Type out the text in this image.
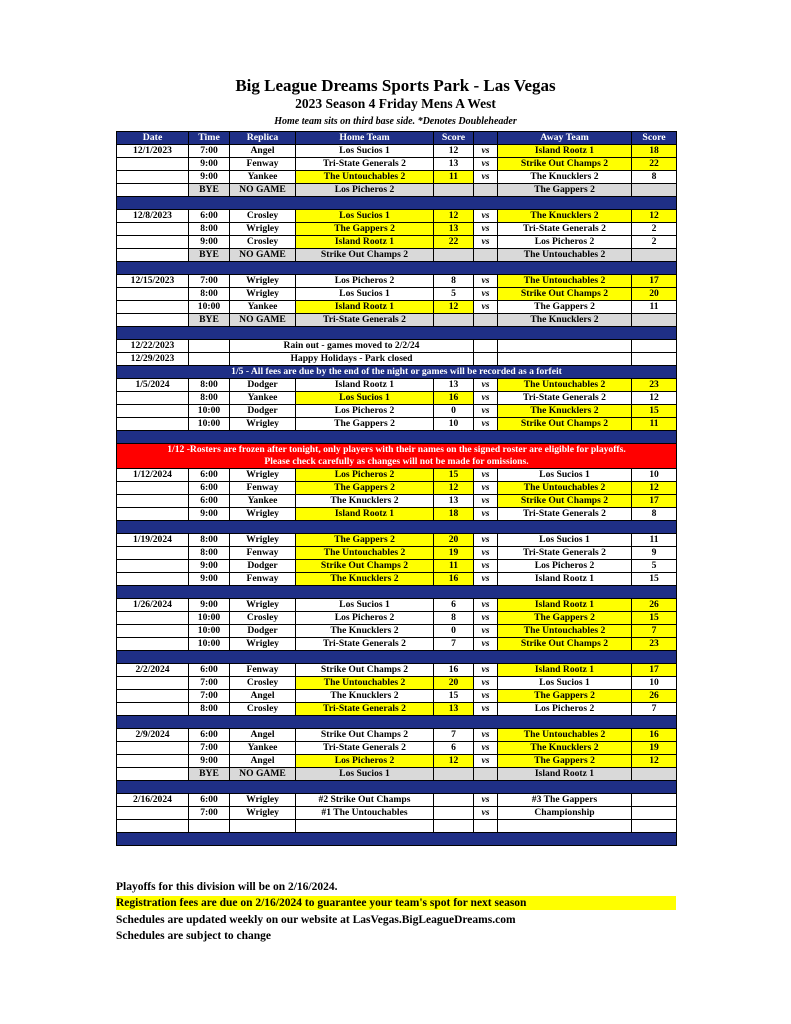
Big League Dreams Sports Park - Las Vegas
2023 Season 4 Friday Mens A West
Home team sits on third base side. *Denotes Doubleheader
Date	Time	Replica	Home Team	Score		Away Team	Score
12/1/2023	7:00	Angel	Los Sucios 1	12	vs	Island Rootz 1	18
	9:00	Fenway	Tri-State Generals 2	13	vs	Strike Out Champs 2	22
	9:00	Yankee	The Untouchables 2	11	vs	The Knucklers 2	8
	BYE	NO GAME	Los Picheros 2			The Gappers 2	

12/8/2023	6:00	Crosley	Los Sucios 1	12	vs	The Knucklers 2	12
	8:00	Wrigley	The Gappers 2	13	vs	Tri-State Generals 2	2
	9:00	Crosley	Island Rootz 1	22	vs	Los Picheros 2	2
	BYE	NO GAME	Strike Out Champs 2			The Untouchables 2	

12/15/2023	7:00	Wrigley	Los Picheros 2	8	vs	The Untouchables 2	17
	8:00	Wrigley	Los Sucios 1	5	vs	Strike Out Champs 2	20
	10:00	Yankee	Island Rootz 1	12	vs	The Gappers 2	11
	BYE	NO GAME	Tri-State Generals 2			The Knucklers 2	

12/22/2023		Rain out - games moved to 2/2/24					
12/29/2023		Happy Holidays - Park closed					
1/5 - All fees are due by the end of the night or games will be recorded as a forfeit							
1/5/2024	8:00	Dodger	Island Rootz 1	13	vs	The Untouchables 2	23
	8:00	Yankee	Los Sucios 1	16	vs	Tri-State Generals 2	12
	10:00	Dodger	Los Picheros 2	0	vs	The Knucklers 2	15
	10:00	Wrigley	The Gappers 2	10	vs	Strike Out Champs 2	11

1/12 -Rosters are frozen after tonight, only players with their names on the signed roster are eligible for playoffs.
Please check carefully as changes will not be made for omissions.							

1/12/2024	6:00	Wrigley	Los Picheros 2	15	vs	Los Sucios 1	10
	6:00	Fenway	The Gappers 2	12	vs	The Untouchables 2	12
	6:00	Yankee	The Knucklers 2	13	vs	Strike Out Champs 2	17
	9:00	Wrigley	Island Rootz 1	18	vs	Tri-State Generals 2	8

1/19/2024	8:00	Wrigley	The Gappers 2	20	vs	Los Sucios 1	11
	8:00	Fenway	The Untouchables 2	19	vs	Tri-State Generals 2	9
	9:00	Dodger	Strike Out Champs 2	11	vs	Los Picheros 2	5
	9:00	Fenway	The Knucklers 2	16	vs	Island Rootz 1	15

1/26/2024	9:00	Wrigley	Los Sucios 1	6	vs	Island Rootz 1	26
	10:00	Crosley	Los Picheros 2	8	vs	The Gappers 2	15
	10:00	Dodger	The Knucklers 2	0	vs	The Untouchables 2	7
	10:00	Wrigley	Tri-State Generals 2	7	vs	Strike Out Champs 2	23

2/2/2024	6:00	Fenway	Strike Out Champs 2	16	vs	Island Rootz 1	17
	7:00	Crosley	The Untouchables 2	20	vs	Los Sucios 1	10
	7:00	Angel	The Knucklers 2	15	vs	The Gappers 2	26
	8:00	Crosley	Tri-State Generals 2	13	vs	Los Picheros 2	7

2/9/2024	6:00	Angel	Strike Out Champs 2	7	vs	The Untouchables 2	16
	7:00	Yankee	Tri-State Generals 2	6	vs	The Knucklers 2	19
	9:00	Angel	Los Picheros 2	12	vs	The Gappers 2	12
	BYE	NO GAME	Los Sucios 1			Island Rootz 1	

2/16/2024	6:00	Wrigley	#2 Strike Out Champs		vs	#3 The Gappers	
	7:00	Wrigley	#1 The Untouchables		vs	Championship	

Playoffs for this division will be on 2/16/2024.
Registration fees are due on 2/16/2024 to guarantee your team's spot for next season
Schedules are updated weekly on our website at LasVegas.BigLeagueDreams.com
Schedules are subject to change
